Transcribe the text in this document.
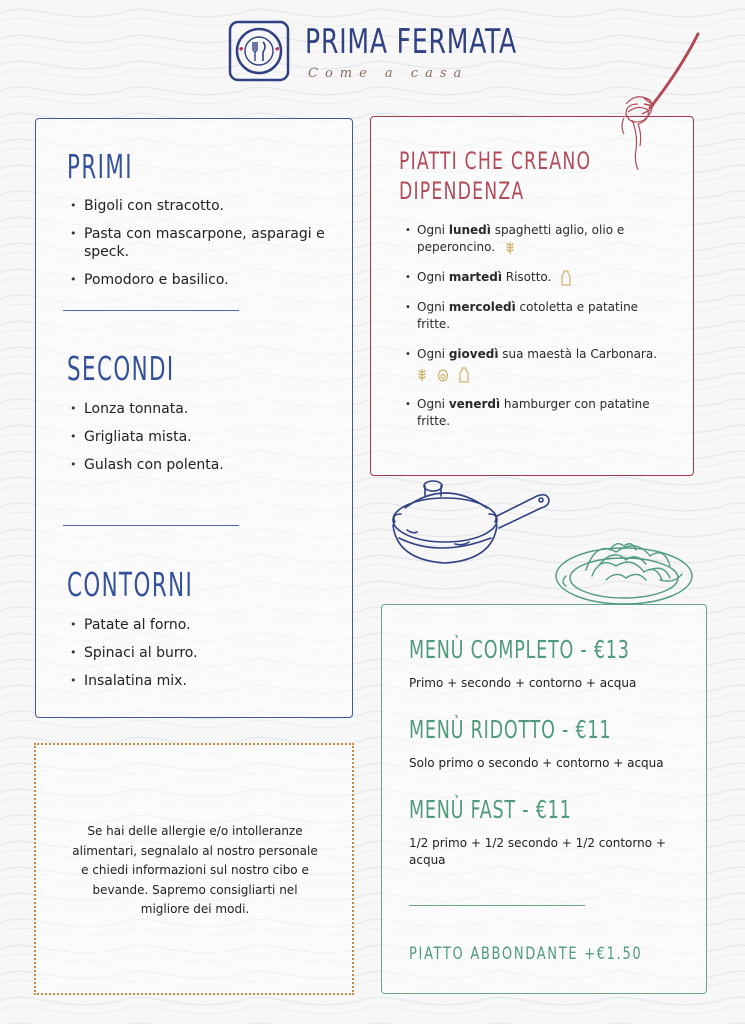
PRIMA FERMATA
Come a casa
PRIMI
• Bigoli con stracotto.
• Pasta con mascarpone, asparagi e speck.
• Pomodoro e basilico.
SECONDI
• Lonza tonnata.
• Grigliata mista.
• Gulash con polenta.
CONTORNI
• Patate al forno.
• Spinaci al burro.
• Insalatina mix.
PIATTI CHE CREANO DIPENDENZA
• Ogni lunedì spaghetti aglio, olio e peperoncino.
• Ogni martedì Risotto.
• Ogni mercoledì cotoletta e patatine fritte.
• Ogni giovedì sua maestà la Carbonara.

• Ogni venerdì hamburger con patatine fritte.
Se hai delle allergie e/o intolleranze alimentari, segnalalo al nostro personale e chiedi informazioni sul nostro cibo e bevande. Sapremo consigliarti nel migliore dei modi.
MENÙ COMPLETO - €13
Primo + secondo + contorno + acqua
MENÙ RIDOTTO - €11
Solo primo o secondo + contorno + acqua
MENÙ FAST - €11
1/2 primo + 1/2 secondo + 1/2 contorno + acqua
PIATTO ABBONDANTE +€1.50
